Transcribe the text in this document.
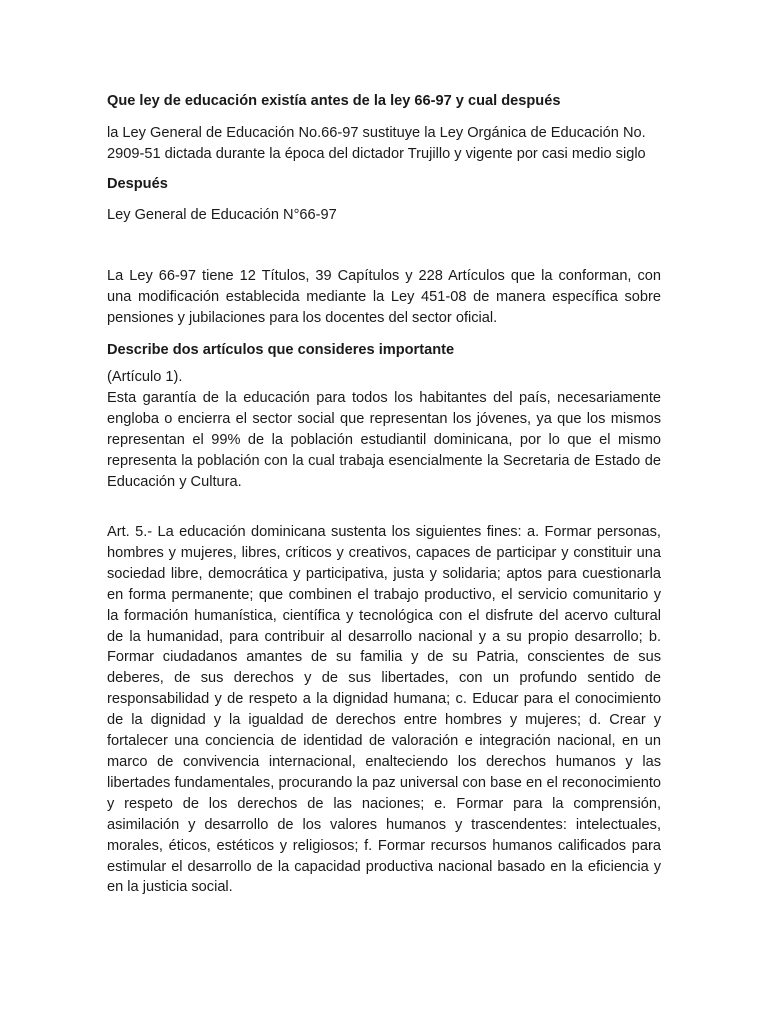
Que ley de educación existía antes de la ley 66-97 y cual después

la Ley General de Educación No.66-97 sustituye la Ley Orgánica de Educación No.
2909-51 dictada durante la época del dictador Trujillo y vigente por casi medio siglo

Después

Ley General de Educación N°66-97

La Ley 66-97 tiene 12 Títulos, 39 Capítulos y 228 Artículos que la conforman, con una modificación establecida mediante la Ley 451-08 de manera específica sobre pensiones y jubilaciones para los docentes del sector oficial.

Describe dos artículos que consideres importante

(Artículo 1).

Esta garantía de la educación para todos los habitantes del país, necesariamente engloba o encierra el sector social que representan los jóvenes, ya que los mismos representan el 99% de la población estudiantil dominicana, por lo que el mismo representa la población con la cual trabaja esencialmente la Secretaria de Estado de Educación y Cultura.

Art. 5.- La educación dominicana sustenta los siguientes fines: a. Formar personas, hombres y mujeres, libres, críticos y creativos, capaces de participar y constituir una sociedad libre, democrática y participativa, justa y solidaria; aptos para cuestionarla en forma permanente; que combinen el trabajo productivo, el servicio comunitario y la formación humanística, científica y tecnológica con el disfrute del acervo cultural de la humanidad, para contribuir al desarrollo nacional y a su propio desarrollo; b. Formar ciudadanos amantes de su familia y de su Patria, conscientes de sus deberes, de sus derechos y de sus libertades, con un profundo sentido de responsabilidad y de respeto a la dignidad humana; c. Educar para el conocimiento de la dignidad y la igualdad de derechos entre hombres y mujeres; d. Crear y fortalecer una conciencia de identidad de valoración e integración nacional, en un marco de convivencia internacional, enalteciendo los derechos humanos y las libertades fundamentales, procurando la paz universal con base en el reconocimiento y respeto de los derechos de las naciones; e. Formar para la comprensión, asimilación y desarrollo de los valores humanos y trascendentes: intelectuales, morales, éticos, estéticos y religiosos; f. Formar recursos humanos calificados para estimular el desarrollo de la capacidad productiva nacional basado en la eficiencia y en la justicia social.
